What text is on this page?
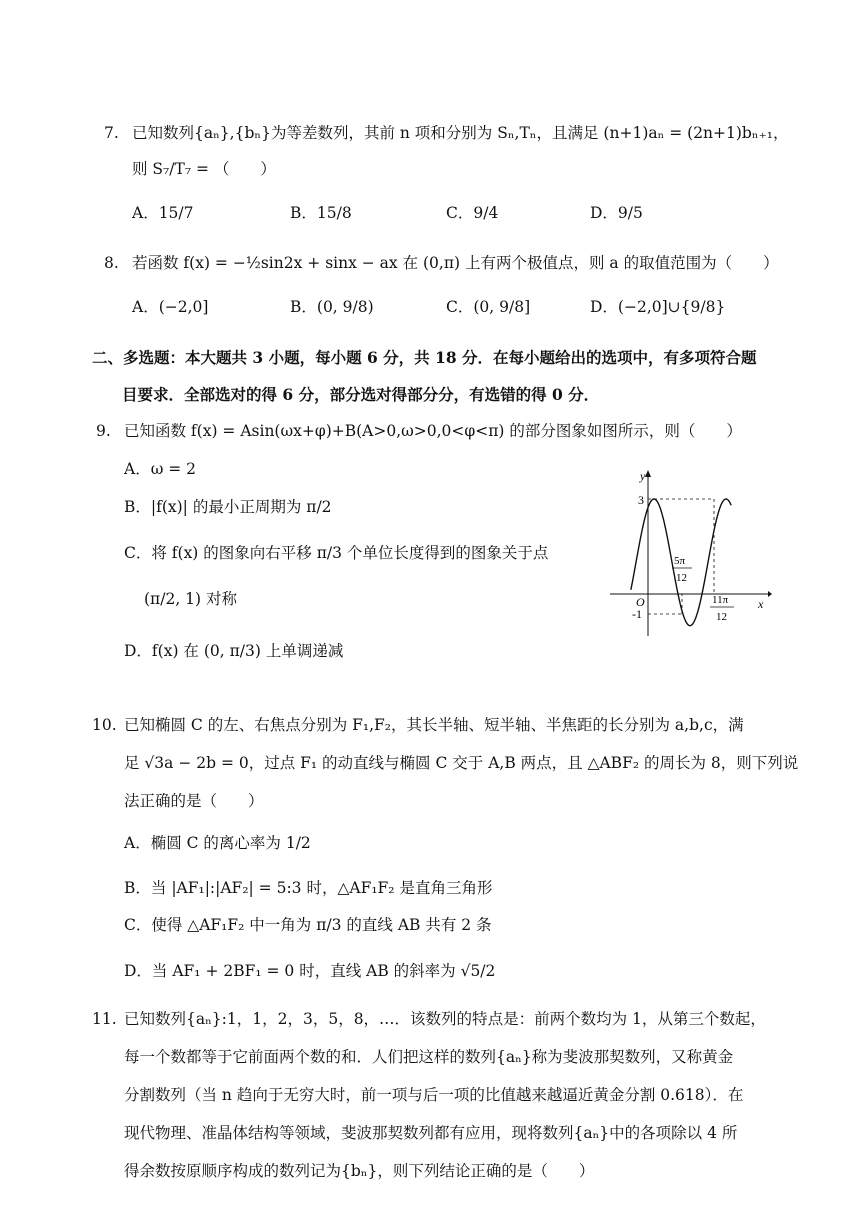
7. 已知数列{aₙ},{bₙ}为等差数列，其前 n 项和分别为 Sₙ,Tₙ，且满足 (n+1)aₙ = (2n+1)bₙ₊₁，
则 S₇/T₇ = （　　）
A．15/7	B．15/8	C．9/4	D．9/5
8. 若函数 f(x) = −½sin2x + sinx − ax 在 (0,π) 上有两个极值点，则 a 的取值范围为（　　）
A．(−2,0]	B．(0, 9/8)	C．(0, 9/8]	D．(−2,0]∪{9/8}
二、多选题：本大题共 3 小题，每小题 6 分，共 18 分．在每小题给出的选项中，有多项符合题
目要求．全部选对的得 6 分，部分选对得部分分，有选错的得 0 分．
9. 已知函数 f(x) = Asin(ωx+φ)+B(A>0,ω>0,0<φ<π) 的部分图象如图所示，则（　　）
A．ω = 2
B．|f(x)| 的最小正周期为 π/2
C．将 f(x) 的图象向右平移 π/3 个单位长度得到的图象关于点
(π/2, 1) 对称
D．f(x) 在 (0, π/3) 上单调递减
y
x
3
O
-1
5π
12
11π
12
10. 已知椭圆 C 的左、右焦点分别为 F₁,F₂，其长半轴、短半轴、半焦距的长分别为 a,b,c，满
足 √3a − 2b = 0，过点 F₁ 的动直线与椭圆 C 交于 A,B 两点，且 △ABF₂ 的周长为 8，则下列说
法正确的是（　　）
A．椭圆 C 的离心率为 1/2
B．当 |AF₁|:|AF₂| = 5:3 时，△AF₁F₂ 是直角三角形
C．使得 △AF₁F₂ 中一角为 π/3 的直线 AB 共有 2 条
D．当 AF₁ + 2BF₁ = 0 时，直线 AB 的斜率为 √5/2
11. 已知数列{aₙ}:1，1，2，3，5，8，…．该数列的特点是：前两个数均为 1，从第三个数起，
每一个数都等于它前面两个数的和．人们把这样的数列{aₙ}称为斐波那契数列，又称黄金
分割数列（当 n 趋向于无穷大时，前一项与后一项的比值越来越逼近黄金分割 0.618）．在
现代物理、准晶体结构等领域，斐波那契数列都有应用，现将数列{aₙ}中的各项除以 4 所
得余数按原顺序构成的数列记为{bₙ}，则下列结论正确的是（　　）
